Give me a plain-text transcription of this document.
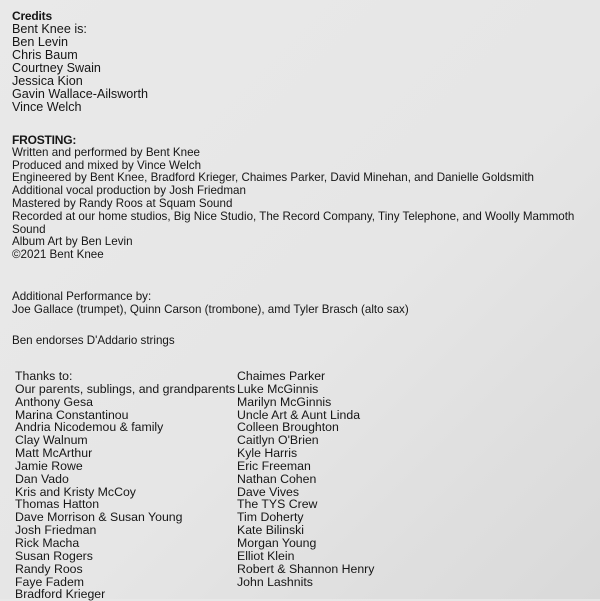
Credits
Bent Knee is:
Ben Levin
Chris Baum
Courtney Swain
Jessica Kion
Gavin Wallace-Ailsworth
Vince Welch
FROSTING:
Written and performed by Bent Knee
Produced and mixed by Vince Welch
Engineered by Bent Knee, Bradford Krieger, Chaimes Parker, David Minehan, and Danielle Goldsmith
Additional vocal production by Josh Friedman
Mastered by Randy Roos at Squam Sound
Recorded at our home studios, Big Nice Studio, The Record Company, Tiny Telephone, and Woolly Mammoth
Sound
Album Art by Ben Levin
©2021 Bent Knee
Additional Performance by:
Joe Gallace (trumpet), Quinn Carson (trombone), amd Tyler Brasch (alto sax)
Ben endorses D'Addario strings
Thanks to:
Our parents, sublings, and grandparents
Anthony Gesa
Marina Constantinou
Andria Nicodemou & family
Clay Walnum
Matt McArthur
Jamie Rowe
Dan Vado
Kris and Kristy McCoy
Thomas Hatton
Dave Morrison & Susan Young
Josh Friedman
Rick Macha
Susan Rogers
Randy Roos
Faye Fadem
Bradford Krieger
Chaimes Parker
Luke McGinnis
Marilyn McGinnis
Uncle Art & Aunt Linda
Colleen Broughton
Caitlyn O'Brien
Kyle Harris
Eric Freeman
Nathan Cohen
Dave Vives
The TYS Crew
Tim Doherty
Kate Bilinski
Morgan Young
Elliot Klein
Robert & Shannon Henry
John Lashnits
